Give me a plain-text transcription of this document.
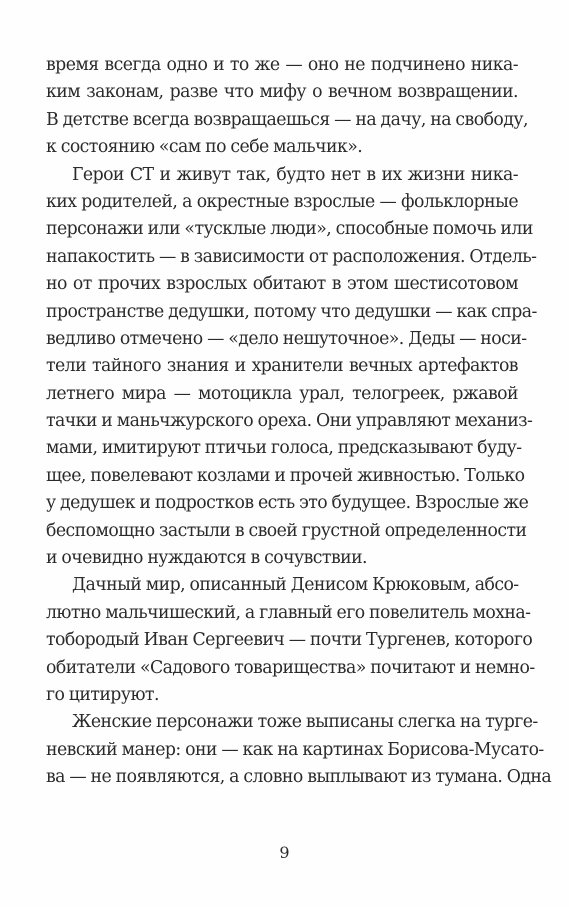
время всегда одно и то же — оно не подчинено ника-
ким законам, разве что мифу о вечном возвращении.
В детстве всегда возвращаешься — на дачу, на свободу,
к состоянию «сам по себе мальчик».
Герои СТ и живут так, будто нет в их жизни ника-
ких родителей, а окрестные взрослые — фольклорные
персонажи или «тусклые люди», способные помочь или
напакостить — в зависимости от расположения. Отдель-
но от прочих взрослых обитают в этом шестисотовом
пространстве дедушки, потому что дедушки — как спра-
ведливо отмечено — «дело нешуточное». Деды — носи-
тели тайного знания и хранители вечных артефактов
летнего мира — мотоцикла урал, телогреек, ржавой
тачки и маньчжурского ореха. Они управляют механиз-
мами, имитируют птичьи голоса, предсказывают буду-
щее, повелевают козлами и прочей живностью. Только
у дедушек и подростков есть это будущее. Взрослые же
беспомощно застыли в своей грустной определенности
и очевидно нуждаются в сочувствии.
Дачный мир, описанный Денисом Крюковым, абсо-
лютно мальчишеский, а главный его повелитель мохна-
тобородый Иван Сергеевич — почти Тургенев, которого
обитатели «Садового товарищества» почитают и немно-
го цитируют.
Женские персонажи тоже выписаны слегка на турге-
невский манер: они — как на картинах Борисова-Мусато-
ва — не появляются, а словно выплывают из тумана. Одна
9
